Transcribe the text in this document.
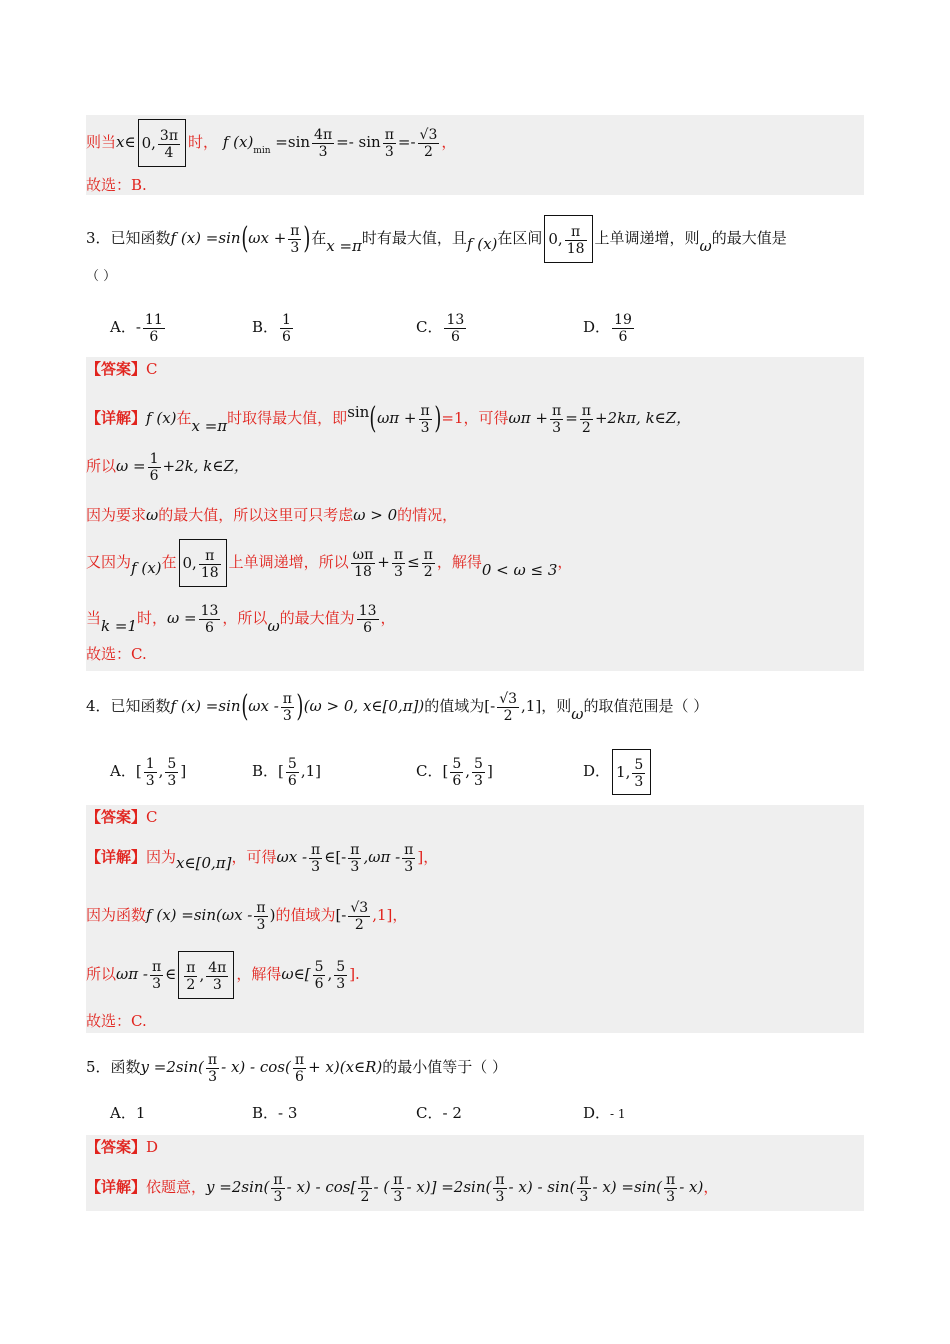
则当x∈ 0, $\frac{3\pi}{4}$ 时， f $(x)_{min} =\sin \frac{4\pi}{3} =- \sin \frac{\pi}{3} =- \frac{√3}{2}$ ，
故选：B.
3．已知函数f $(x) =\sin(\omega x + \frac{\pi}{3}$ )在x =π时有最大值，且f (x)在区间 0, $\frac{\pi}{18}$ 上单调递增，则ω的最大值是
（ ）
A．- $\frac{11}{6}$	B． $\frac{1}{6}$	C． $\frac{13}{6}$	D． $\frac{19}{6}$
【答案】C
【详解】f (x)在x =π时取得最大值，即$\sin(\omega\pi + \frac{\pi}{3} )=1$，可得$\omega\pi + \frac{\pi}{3} = \frac{\pi}{2} +2k\pi$, k∈Z，
所以$\omega = \frac{1}{6} +2k$, k∈Z，
因为要求ω的最大值，所以这里可只考虑ω > 0的情况，
又因为f (x)在 0, $\frac{\pi}{18}$ 上单调递增，所以 $\frac{\omega\pi}{18} + \frac{\pi}{3} \le \frac{\pi}{2}$ ，解得0 < ω ≤ 3，
当k =1时，$\omega = \frac{13}{6}$ ，所以ω的最大值为 $\frac{13}{6}$ ，
故选：C.
4．已知函数f $(x) =\sin(\omega x - \frac{\pi}{3} )(\omega > 0$, x∈[0,π])的值域为[- $\frac{√3}{2} ,1$]，则ω的取值范围是（ ）
A．[ $\frac{1}{3}$ , $\frac{5}{3}$ ]	B．[ $\frac{5}{6} ,1$]	C．[ $\frac{5}{6}$ , $\frac{5}{3}$ ]	D． 1, $\frac{5}{3}$
【答案】C
【详解】因为x∈[0,π]，可得ωx - $\frac{\pi}{3}$ ∈[- $\frac{\pi}{3} ,\omega\pi - \frac{\pi}{3}$ ]，
因为函数f $(x) =\sin(\omega x - \frac{\pi}{3}$ )的值域为[- $\frac{√3}{2} ,1$]，
所以ωπ - $\frac{\pi}{3}$ ∈ $\frac{\pi}{2}$ , $\frac{4\pi}{3}$ ，解得ω∈[ $\frac{5}{6}$ , $\frac{5}{3}$ ].
故选：C.
5．函数$y =2\sin( \frac{\pi}{3} - x) - \cos( \frac{\pi}{6}$ + x)(x∈R)的最小值等于（ ）
A．1	B．- 3	C．- 2	D．- 1
【答案】D
【详解】依题意，$y =2\sin( \frac{\pi}{3} - x) - \cos[ \frac{\pi}{2}$ - ( $\frac{\pi}{3} - x)] =2\sin( \frac{\pi}{3} - x) - \sin( \frac{\pi}{3} - x) =\sin( \frac{\pi}{3} - x)$，
